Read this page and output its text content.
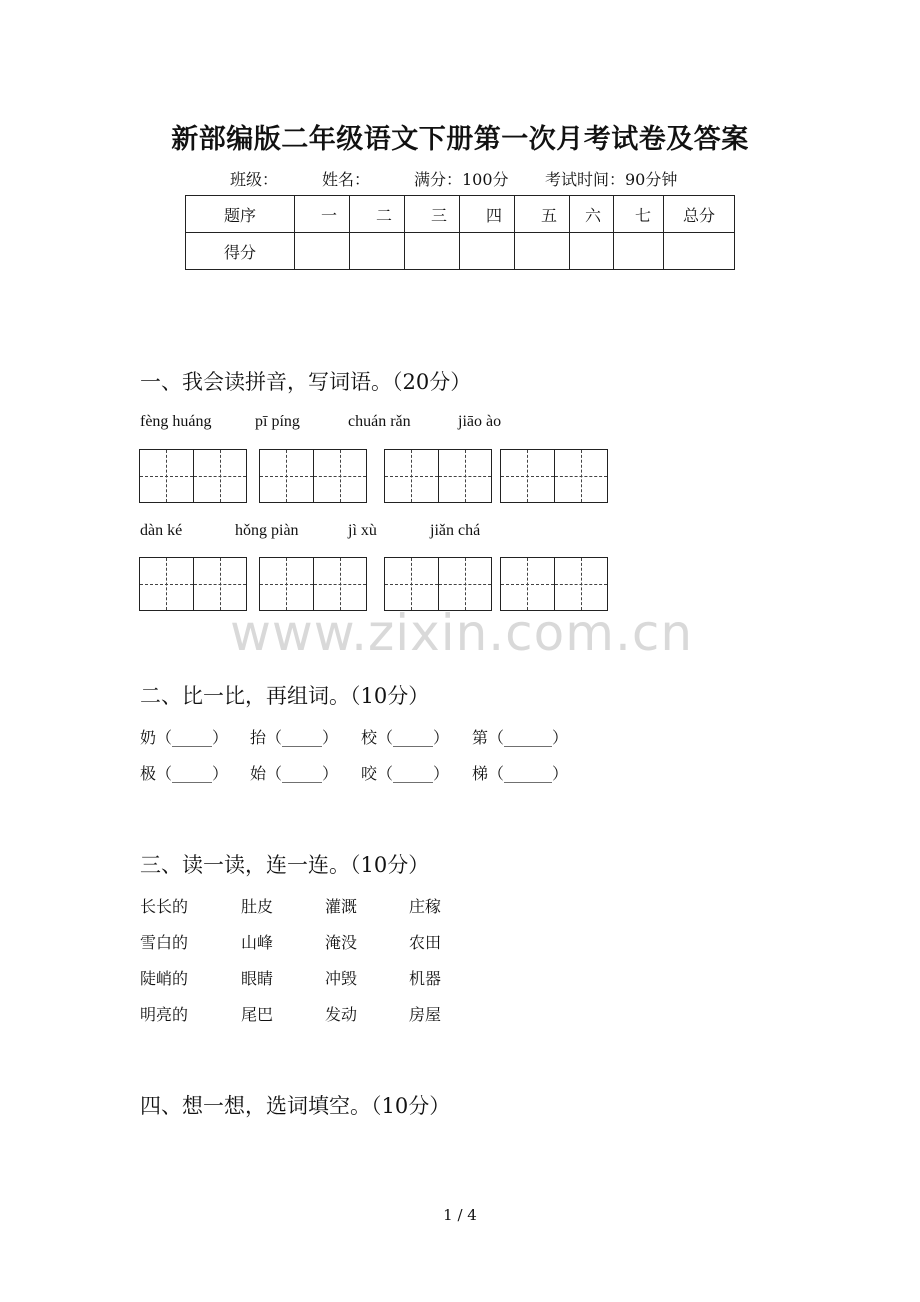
新部编版二年级语文下册第一次月考试卷及答案
班级：	姓名：	满分：100分 考试时间：90分钟
题序	一	二	三	四	五	六	七	总分
得分								
一、我会读拼音，写词语。（20分）
fèng huáng	pī píng	chuán rǎn	jiāo ào
dàn ké	hǒng piàn	jì xù	jiǎn chá
www.zixin.com.cn
二、比一比，再组词。（10分）
奶（_____） 抬（_____） 校（_____） 第（______）
极（_____） 始（_____） 咬（_____） 梯（______）
三、读一读，连一连。（10分）
长长的	肚皮	灌溉	庄稼
雪白的	山峰	淹没	农田
陡峭的	眼睛	冲毁	机器
明亮的	尾巴	发动	房屋
四、想一想，选词填空。（10分）
1 / 4
